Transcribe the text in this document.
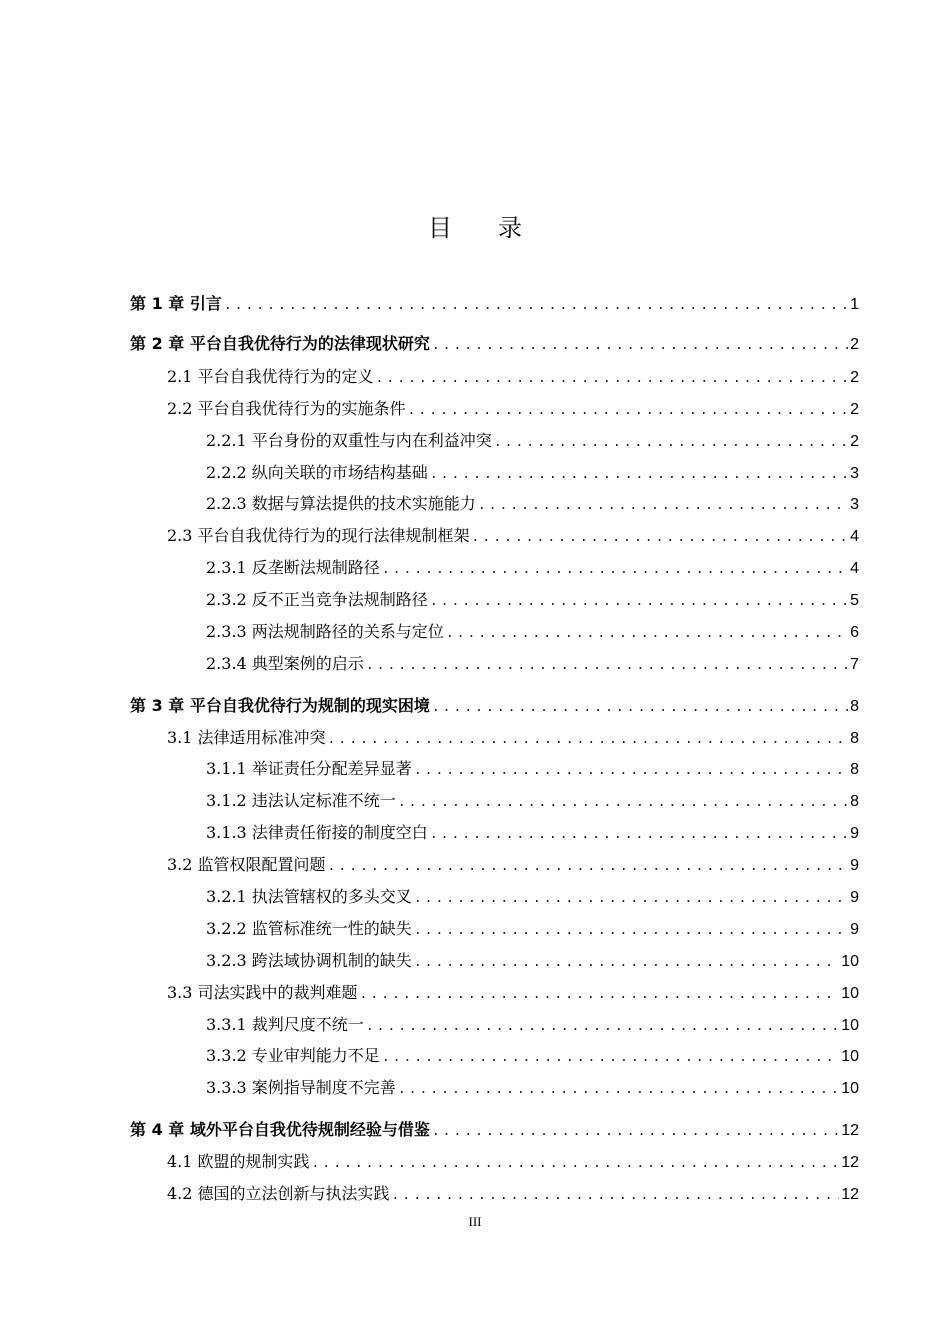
目 录
第 1 章 引言 .....	1
第 2 章 平台自我优待行为的法律现状研究 .....	2
2.1 平台自我优待行为的定义 .....	2
2.2 平台自我优待行为的实施条件 .....	2
2.2.1 平台身份的双重性与内在利益冲突 .....	2
2.2.2 纵向关联的市场结构基础 .....	3
2.2.3 数据与算法提供的技术实施能力 .....	3
2.3 平台自我优待行为的现行法律规制框架 .....	4
2.3.1 反垄断法规制路径 .....	4
2.3.2 反不正当竞争法规制路径 .....	5
2.3.3 两法规制路径的关系与定位 .....	6
2.3.4 典型案例的启示 .....	7
第 3 章 平台自我优待行为规制的现实困境 .....	8
3.1 法律适用标准冲突 .....	8
3.1.1 举证责任分配差异显著 .....	8
3.1.2 违法认定标准不统一 .....	8
3.1.3 法律责任衔接的制度空白 .....	9
3.2 监管权限配置问题 .....	9
3.2.1 执法管辖权的多头交叉 .....	9
3.2.2 监管标准统一性的缺失 .....	9
3.2.3 跨法域协调机制的缺失 .....	10
3.3 司法实践中的裁判难题 .....	10
3.3.1 裁判尺度不统一 .....	10
3.3.2 专业审判能力不足 .....	10
3.3.3 案例指导制度不完善 .....	10
第 4 章 域外平台自我优待规制经验与借鉴 .....	12
4.1 欧盟的规制实践 .....	12
4.2 德国的立法创新与执法实践 .....	12
III
